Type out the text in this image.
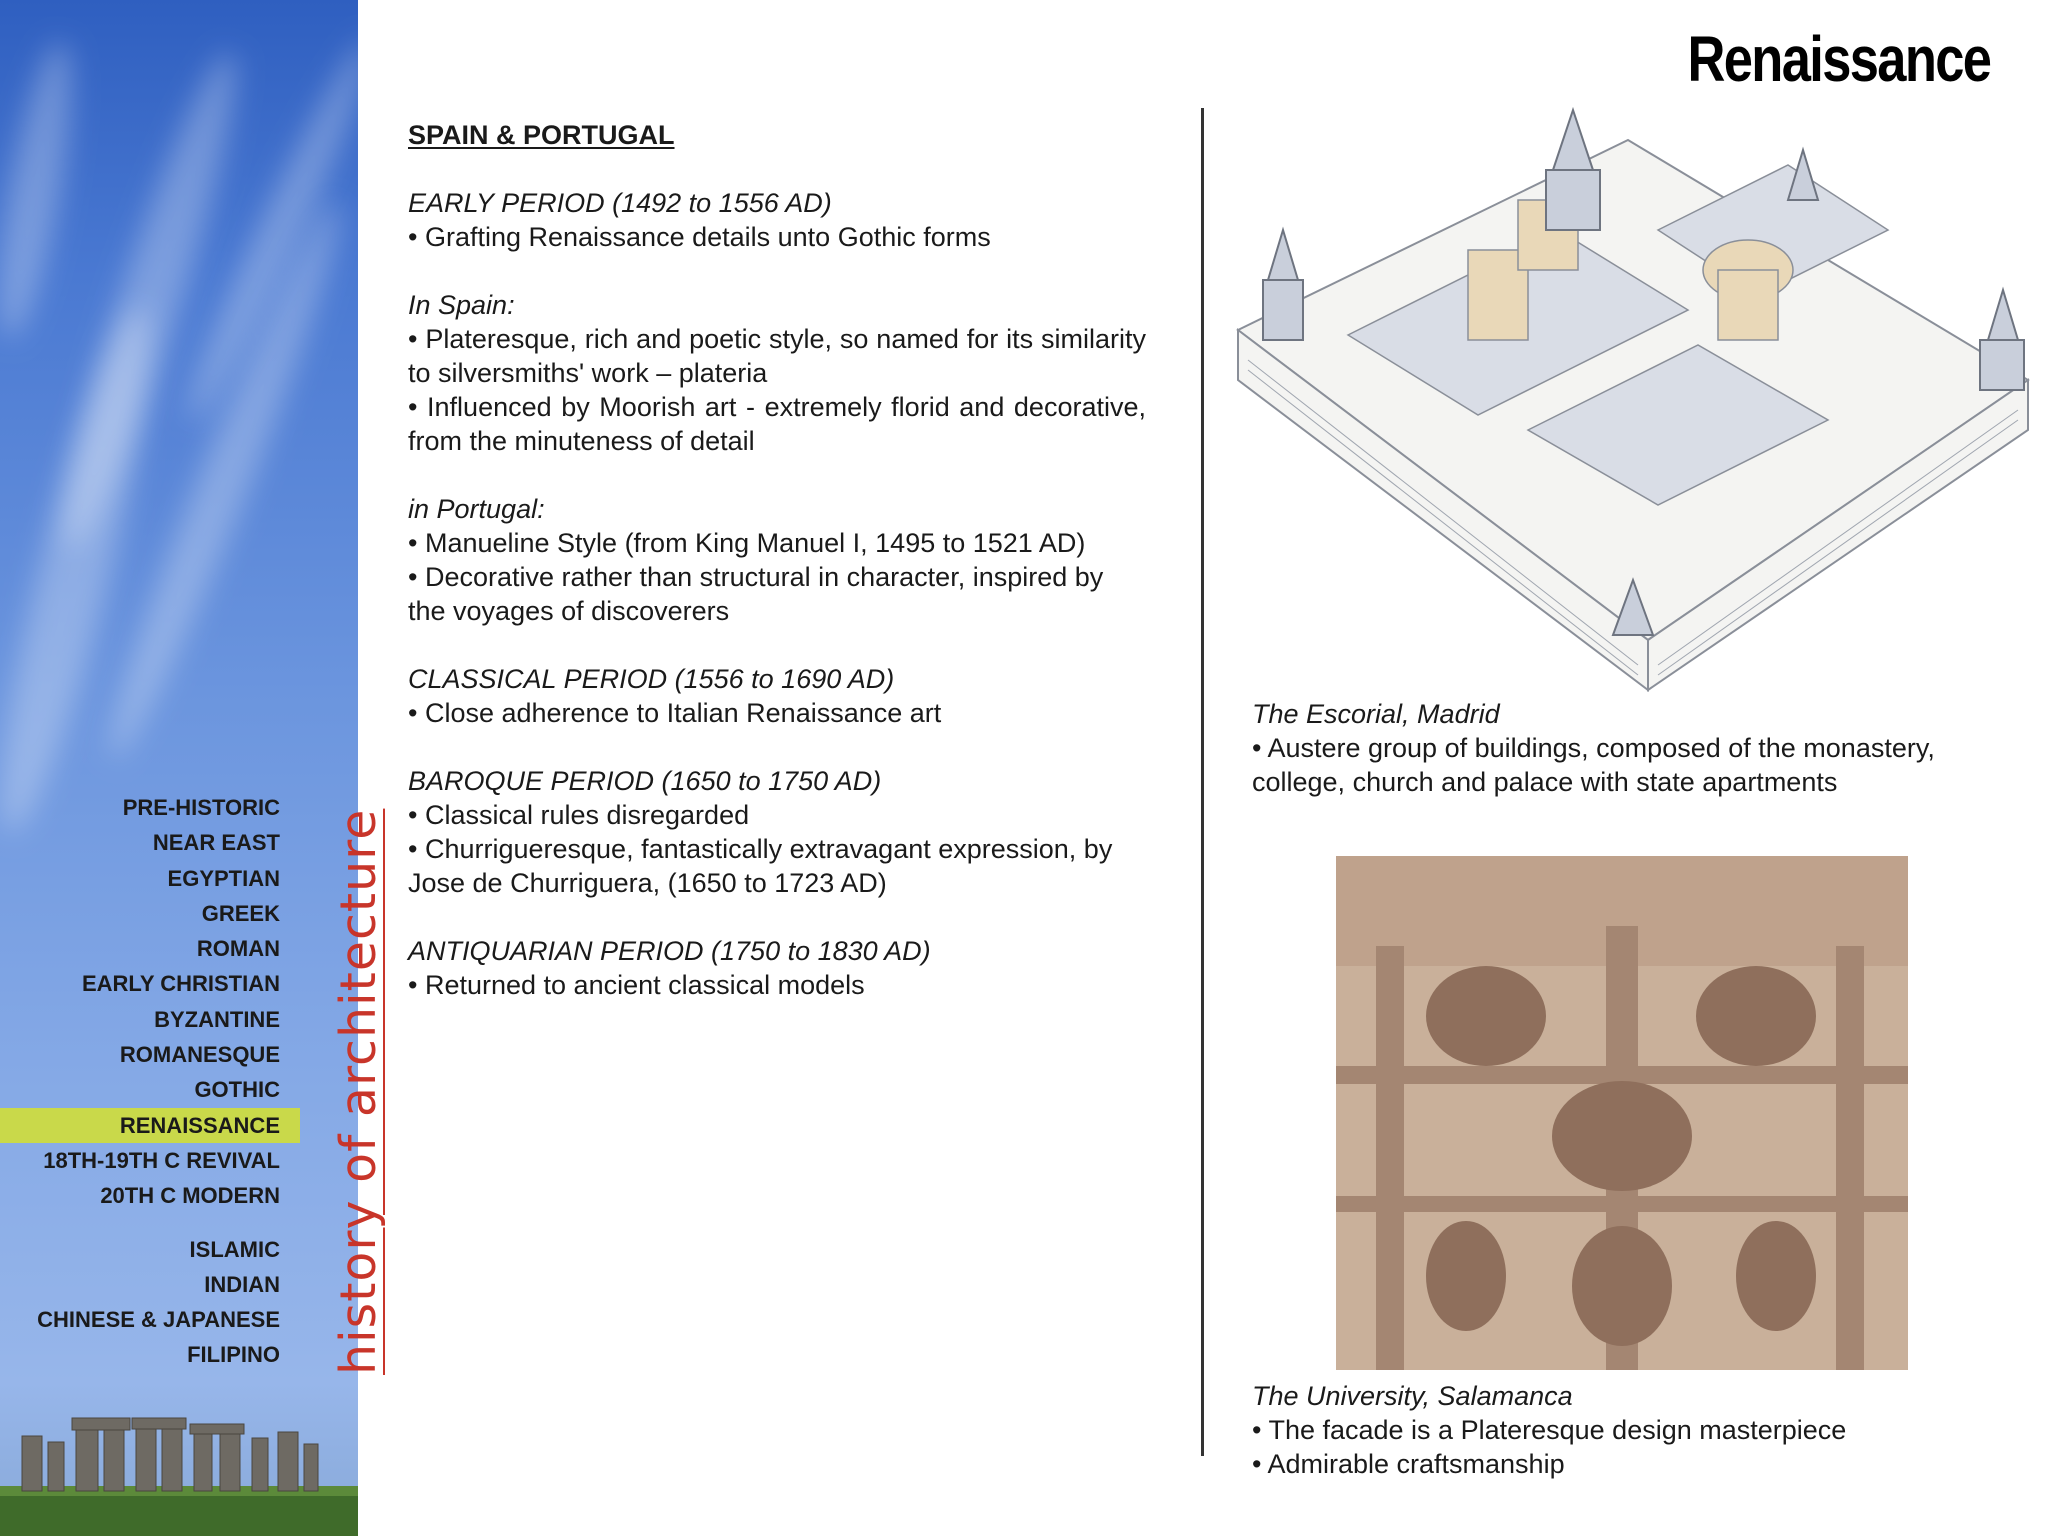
history of architecture
PRE-HISTORIC
NEAR EAST
EGYPTIAN
GREEK
ROMAN
EARLY CHRISTIAN
BYZANTINE
ROMANESQUE
GOTHIC
RENAISSANCE
18TH-19TH C REVIVAL
20TH C MODERN
ISLAMIC
INDIAN
CHINESE & JAPANESE
FILIPINO
Renaissance

SPAIN & PORTUGAL

EARLY PERIOD (1492 to 1556 AD)

• Grafting Renaissance details unto Gothic forms

In Spain:

• Plateresque, rich and poetic style, so named for its similarity to silversmiths' work – plateria

• Influenced by Moorish art - extremely florid and decorative, from the minuteness of detail

in Portugal:

• Manueline Style (from King Manuel I, 1495 to 1521 AD)

• Decorative rather than structural in character, inspired by the voyages of discoverers

CLASSICAL PERIOD (1556 to 1690 AD)

• Close adherence to Italian Renaissance art

BAROQUE PERIOD (1650 to 1750 AD)

• Classical rules disregarded

• Churrigueresque, fantastically extravagant expression, by Jose de Churriguera, (1650 to 1723 AD)

ANTIQUARIAN PERIOD (1750 to 1830 AD)

• Returned to ancient classical models

The Escorial, Madrid

• Austere group of buildings, composed of the monastery, college, church and palace with state apartments

The University, Salamanca

• The facade is a Plateresque design masterpiece

• Admirable craftsmanship
